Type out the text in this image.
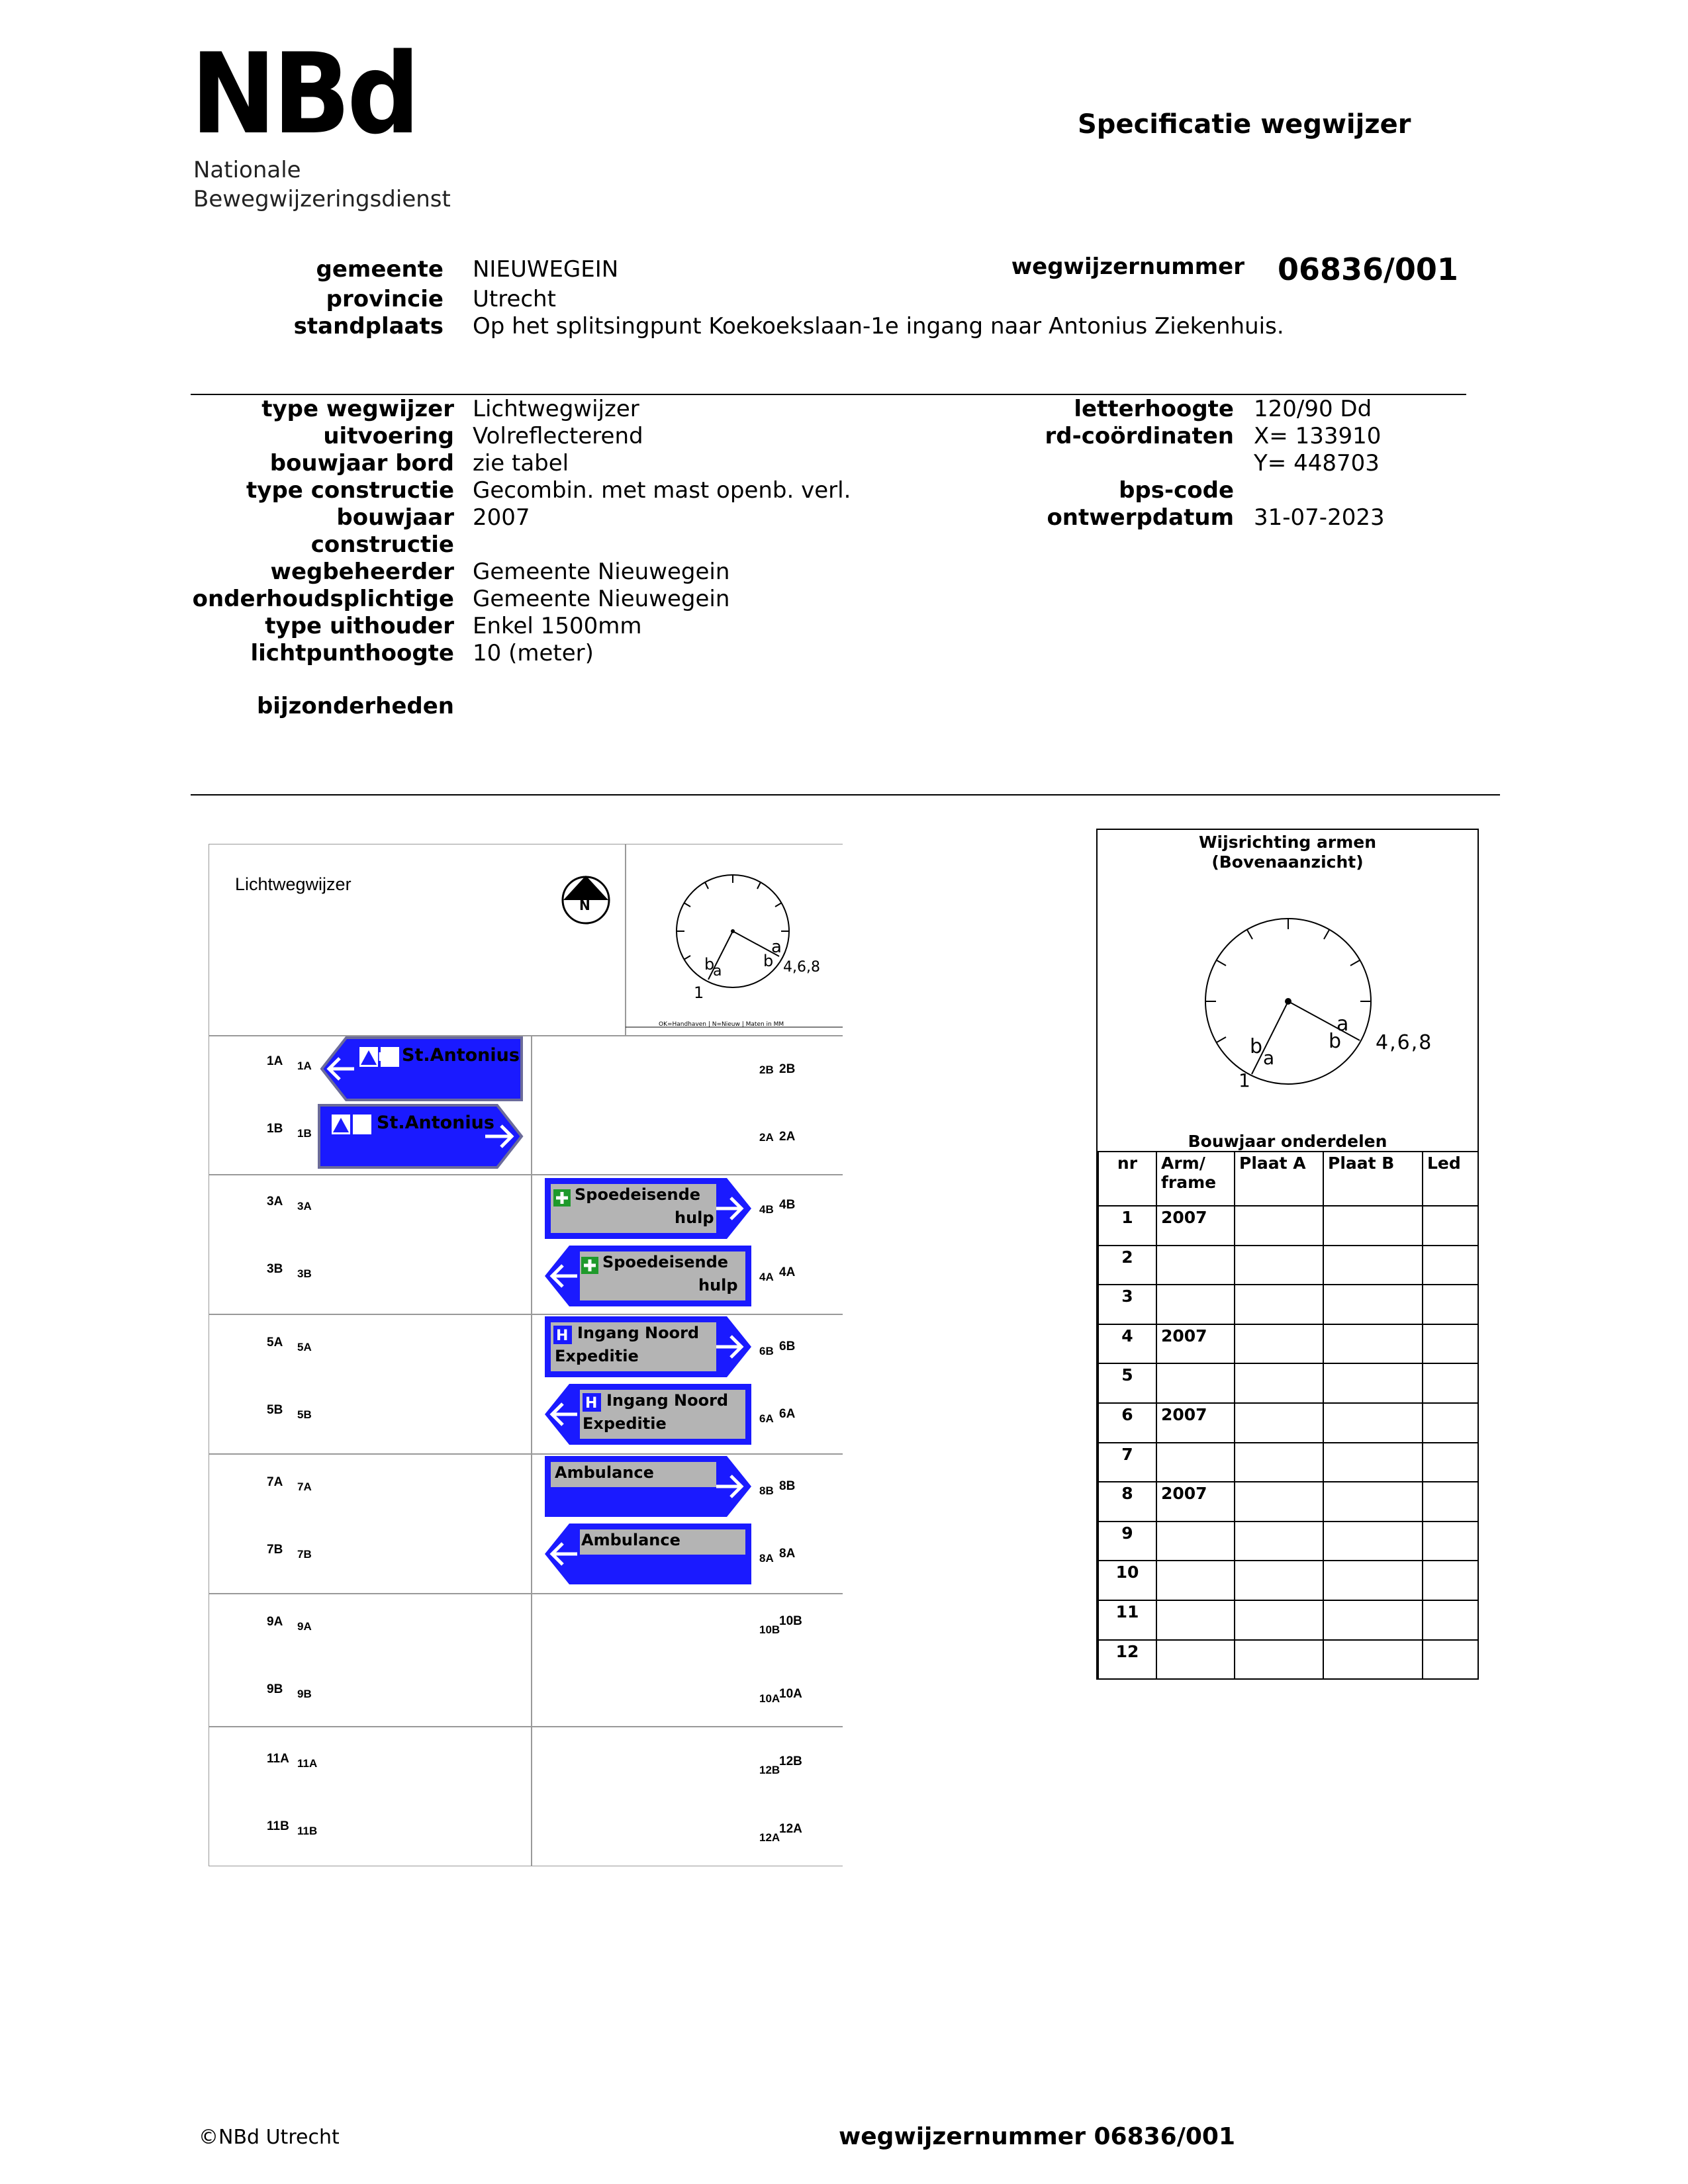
NBd
Nationale
Bewegwijzeringsdienst
Specificatie wegwijzer
gemeente NIEUWEGEIN
provincie Utrecht
standplaats Op het splitsingpunt Koekoekslaan-1e ingang naar Antonius Ziekenhuis.
wegwijzernummer 06836/001
type wegwijzer Lichtwegwijzer
uitvoering Volreflecterend
bouwjaar bord zie tabel
type constructie Gecombin. met mast openb. verl.
bouwjaar
constructie
2007
wegbeheerder Gemeente Nieuwegein
onderhoudsplichtige Gemeente Nieuwegein
type uithouder Enkel 1500mm
lichtpunthoogte 10 (meter)
bijzonderheden
letterhoogte 120/90 Dd
rd-coördinaten X= 133910
Y= 448703
bps-code
ontwerpdatum 31-07-2023
Lichtwegwijzer
N
a
b
b
a
1
4,6,8
OK=Handhaven | N=Nieuw | Maten in MM
1A 1A
1B 1B
3A 3A
3B 3B
5A 5A
5B 5B
7A 7A
7B 7B
9A 9A
9B 9B
11A 11A
11B 11B
2B 2B
2A 2A
4B 4B
4A 4A
6B 6B
6A 6A
8B 8B
8A 8A
10B
10B
10A
10A
12B
12B
12A
12A
H St.Antonius
H St.Antonius
Spoedeisende
hulp
Spoedeisende
hulp
H Ingang Noord
Expeditie
H Ingang Noord
Expeditie
Ambulance
Ambulance
Wijsrichting armen
(Bovenaanzicht)
a
b
b a
1
4,6,8
Bouwjaar onderdelen
nr	Arm/ frame	Plaat A	Plaat B	Led
1	2007			
2				
3				
4	2007			
5				
6	2007			
7				
8	2007			
9				
10				
11				
12				
©NBd Utrecht	wegwijzernummer 06836/001
